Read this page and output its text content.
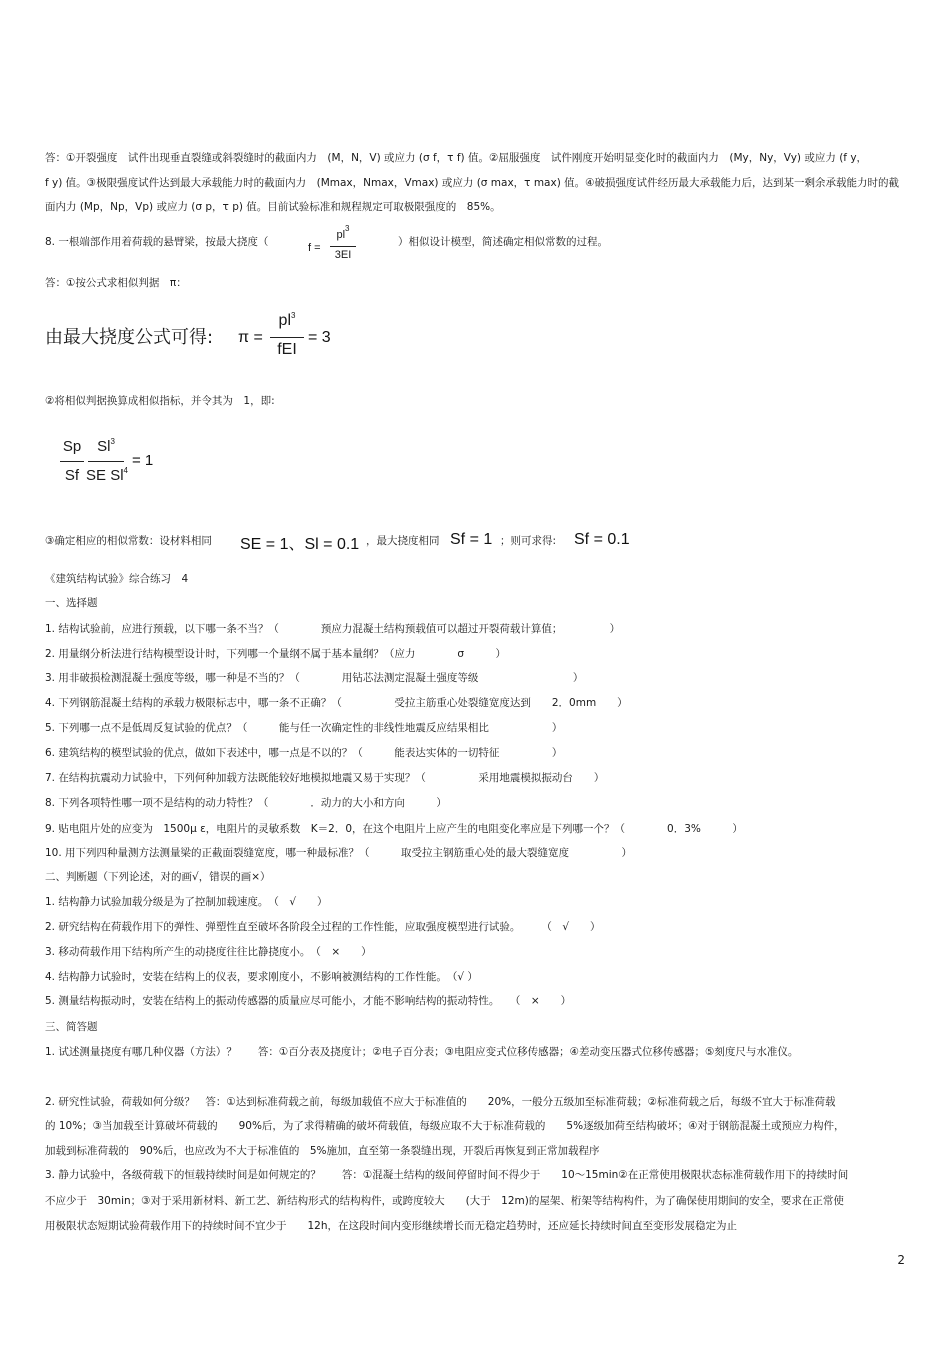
答：①开裂强度　试件出现垂直裂缝或斜裂缝时的截面内力　(M，N，V) 或应力 (σ f，τ f) 值。②屈服强度　试件刚度开始明显变化时的截面内力　(My，Ny，Vy) 或应力 (f y，
f y) 值。③极限强度试件达到最大承载能力时的截面内力　(Mmax，Nmax，Vmax) 或应力 (σ max，τ max) 值。④破损强度试件经历最大承载能力后，达到某一剩余承载能力时的截
面内力 (Mp，Np，Vp) 或应力 (σ p，τ p) 值。目前试验标准和规程规定可取极限强度的　85%。
8. 一根端部作用着荷载的悬臂梁，按最大挠度（	f =
$pl^3$
3EI
）相似设计模型，简述确定相似常数的过程。
答：①按公式求相似判据　π：
由最大挠度公式可得: π =
$pl^3$
fEI
= 3
②将相似判据换算成相似指标，并令其为　1，即:
Sp
Sf
Sl$^3$
SE $Sl^4$
= 1
③确定相应的相似常数：设材料相同 SE = 1、Sl = 0.1 ，最大挠度相同 Sf = 1 ；则可求得: Sf = 0.1
《建筑结构试验》综合练习　4
一、选择题
1. 结构试验前，应进行预载，以下哪一条不当？（　　　　预应力混凝土结构预载值可以超过开裂荷载计算值；　　　　　）
2. 用量纲分析法进行结构模型设计时，下列哪一个量纲不属于基本量纲？（应力　　　　σ　　　）
3. 用非破损检测混凝土强度等级，哪一种是不当的？（　　　　用钻芯法测定混凝土强度等级　　　　　　　　　）
4. 下列钢筋混凝土结构的承载力极限标志中，哪一条不正确？（　　　　　受拉主筋重心处裂缝宽度达到　　2．0mm　　）
5. 下列哪一点不是低周反复试验的优点？（　　　能与任一次确定性的非线性地震反应结果相比　　　　　　）
6. 建筑结构的模型试验的优点，做如下表述中，哪一点是不以的？（　　　能表达实体的一切特征　　　　　）
7. 在结构抗震动力试验中，下列何种加载方法既能较好地模拟地震又易于实现？（　　　　　采用地震模拟振动台　　）
8. 下列各项特性哪一项不是结构的动力特性？（　　　　．动力的大小和方向　　　）
9. 贴电阻片处的应变为　1500μ ε，电阻片的灵敏系数　K＝2．0，在这个电阻片上应产生的电阻变化率应是下列哪一个？（　　　　0．3%　　　）
10. 用下列四种量测方法测量梁的正截面裂缝宽度，哪一种最标准？（　　　取受拉主钢筋重心处的最大裂缝宽度　　　　　）
二、判断题（下列论述，对的画√，错误的画×）
1. 结构静力试验加载分级是为了控制加载速度。　（　√　　）
2. 研究结构在荷载作用下的弹性、弹塑性直至破坏各阶段全过程的工作性能，应取强度模型进行试验。　　　（　√　　）
3. 移动荷载作用下结构所产生的动挠度往往比静挠度小。　（　×　　）
4. 结构静力试验时，安装在结构上的仪表，要求刚度小，不影响被测结构的工作性能。　（√ ）
5. 测量结构振动时，安装在结构上的振动传感器的质量应尽可能小，才能不影响结构的振动特性。　　（　×　　）
三、简答题
1. 试述测量挠度有哪几种仪器（方法）？　　答：①百分表及挠度计；②电子百分表；③电阻应变式位移传感器；④差动变压器式位移传感器；⑤刻度尺与水准仪。
2. 研究性试验，荷载如何分级？　答：①达到标准荷载之前，每级加载值不应大于标准值的　　20%，一般分五级加至标准荷载；②标准荷载之后，每级不宜大于标准荷载
的 10%；③当加载至计算破坏荷载的　　90%后，为了求得精确的破坏荷载值，每级应取不大于标准荷载的　　5%逐级加荷至结构破坏；④对于钢筋混凝土或预应力构件，
加载到标准荷载的　90%后，也应改为不大于标准值的　5%施加，直至第一条裂缝出现，开裂后再恢复到正常加载程序
3. 静力试验中，各级荷载下的恒载持续时间是如何规定的？　　答：①混凝土结构的级间停留时间不得少于　　10～15min②在正常使用极限状态标准荷载作用下的持续时间
不应少于　30min；③对于采用新材料、新工艺、新结构形式的结构构件，或跨度较大　　(大于　12m)的屋架、桁架等结构构件，为了确保使用期间的安全，要求在正常使
用极限状态短期试验荷载作用下的持续时间不宜少于　　12h，在这段时间内变形继续增长而无稳定趋势时，还应延长持续时间直至变形发展稳定为止
2
